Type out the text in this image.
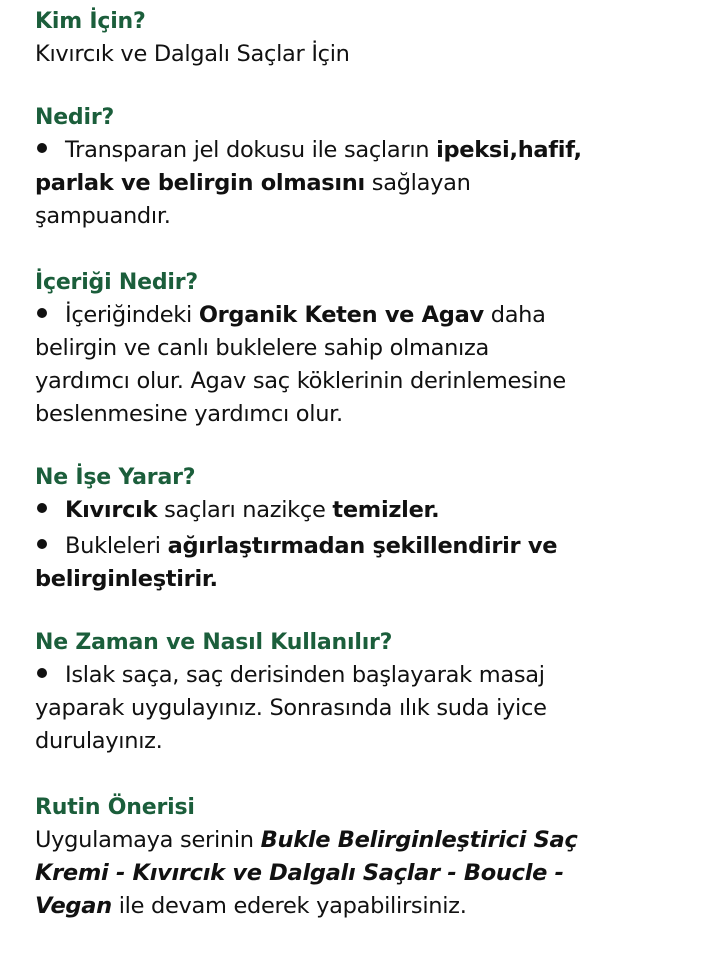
Kim İçin?
Kıvırcık ve Dalgalı Saçlar İçin
Nedir?
Transparan jel dokusu ile saçların ipeksi,hafif,
parlak ve belirgin olmasını sağlayan
şampuandır.
İçeriği Nedir?
İçeriğindeki Organik Keten ve Agav daha
belirgin ve canlı buklelere sahip olmanıza
yardımcı olur. Agav saç köklerinin derinlemesine
beslenmesine yardımcı olur.
Ne İşe Yarar?
Kıvırcık saçları nazikçe temizler.
Bukleleri ağırlaştırmadan şekillendirir ve
belirginleştirir.
Ne Zaman ve Nasıl Kullanılır?
Islak saça, saç derisinden başlayarak masaj
yaparak uygulayınız. Sonrasında ılık suda iyice
durulayınız.
Rutin Önerisi
Uygulamaya serinin Bukle Belirginleştirici Saç
Kremi - Kıvırcık ve Dalgalı Saçlar - Boucle -
Vegan ile devam ederek yapabilirsiniz.
